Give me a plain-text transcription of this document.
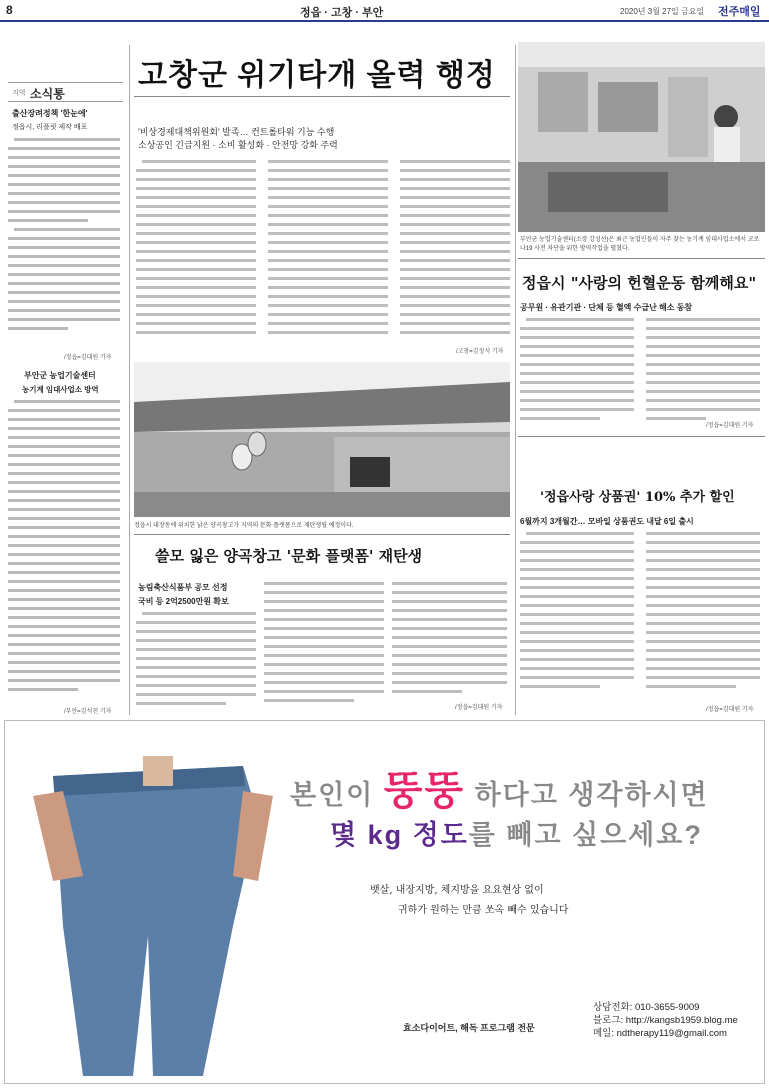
8	정읍 · 고창 · 부안	2020년 3월 27일 금요일 전주매일
지역 소식통
출산장려정책 '한눈에'
정읍시, 리플릿 제작 배포
/정읍=김대원 기자
부안군 농업기술센터
농기계 임대사업소 방역
/부안=김석천 기자
고창군 위기타개 올력 행정
'비상경제대책위원회' 발족… 컨트롤타워 기능 수행
소상공인 긴급지원 · 소비 활성화 · 안전망 강화 주력
/고창=김정석 기자
정읍시 내장동에 위치한 낡은 양곡창고가 지역의 문화 플랫폼으로 재탄생될 예정이다.
쓸모 잃은 양곡창고 '문화 플랫폼' 재탄생
농림축산식품부 공모 선정
국비 등 2억2500만원 확보
/정읍=김대원 기자
부안군 농업기술센터(소장 강성선)은 최근 농업인들이 자주 찾는 농기계 임대사업소에서 코로나19 사전 차단을 위한 방역작업을 펼쳤다.
정읍시 "사랑의 헌혈운동 함께해요"
공무원 · 유관기관 · 단체 등 혈액 수급난 해소 동참
/정읍=김대원 기자
'정읍사랑 상품권' 10% 추가 할인
6월까지 3개월간… 모바일 상품권도 내달 6일 출시
/정읍=김대원 기자
본인이 뚱뚱 하다고 생각하시면
몇 kg 정도를 빼고 싶으세요?
뱃살, 내장지방, 체지방을 요요현상 없이
귀하가 원하는 만큼 쏘옥 빼수 있습니다
효소다이어트, 해독 프로그램 전문
상담전화: 010-3655-9009
블로그: http://kangsb1959.blog.me
메일: ndtherapy119@gmail.com
